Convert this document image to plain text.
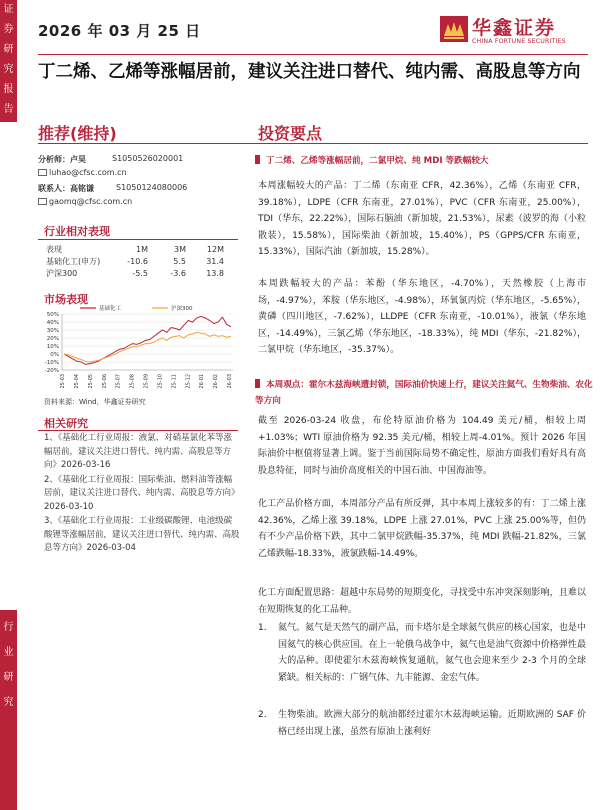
证
券
研
究
报
告
行
业
研
究
2026 年 03 月 25 日	华鑫证券
CHINA FORTUNE SECURITIES
丁二烯、乙烯等涨幅居前，建议关注进口替代、纯内需、高股息等方向
推荐(维持)	投资要点
分析师：卢昊	S1050526020001
luhao@cfsc.com.cn
联系人：高铭谦	S1050124080006
gaomq@cfsc.com.cn
行业相对表现
表现	1M	3M	12M
基础化工(申万)	-10.6	5.5	31.4
沪深300	-5.5	-3.6	13.8
市场表现
50%
40%
30%
20%
10%
0%
-10%
-20%
25-03 25-04 25-05 25-06 25-07 25-08 25-09 25-10 25-11 25-12 26-01 26-02 26-03
基础化工	沪深300
资料来源：Wind，华鑫证券研究
相关研究

1、《基础化工行业周报：液氯、对硝基氯化苯等涨幅居前，建议关注进口替代、纯内需、高股息等方向》2026-03-16

2、《基础化工行业周报：国际柴油、燃料油等涨幅居前，建议关注进口替代、纯内需、高股息等方向》2026-03-10

3、《基础化工行业周报：工业级碳酸锂、电池级碳酸锂等涨幅居前，建议关注进口替代、纯内需、高股息等方向》2026-03-04

丁二烯、乙烯等涨幅居前，二氯甲烷、纯 MDI 等跌幅较大
本周涨幅较大的产品：丁二烯（东南亚 CFR，42.36%），乙烯（东南亚 CFR，39.18%），LDPE（CFR 东南亚，27.01%），PVC（CFR 东南亚，25.00%），TDI（华东，22.22%），国际石脑油（新加坡，21.53%），尿素（波罗的海（小粒散装），15.58%），国际柴油（新加坡，15.40%），PS（GPPS/CFR 东南亚，15.33%），国际汽油（新加坡，15.28%）。
本周跌幅较大的产品：苯酚（华东地区，-4.70%），天然橡胶（上海市场，-4.97%），苯胺（华东地区，-4.98%），环氧氯丙烷（华东地区，-5.65%），黄磷（四川地区，-7.62%），LLDPE（CFR 东南亚，-10.01%），液氯（华东地区，-14.49%），三氯乙烯（华东地区，-18.33%），纯 MDI（华东，-21.82%），二氯甲烷（华东地区，-35.37%）。
本周观点：霍尔木兹海峡遭封锁，国际油价快速上行，建议关注氦气、生物柴油、农化等方向
截至 2026-03-24 收盘，布伦特原油价格为 104.49 美元/桶，相较上周+1.03%；WTI 原油价格为 92.35 美元/桶，相较上周-4.01%。预计 2026 年国际油价中枢值将显著上调。鉴于当前国际局势不确定性，原油方面我们看好具有高股息特征，同时与油价高度相关的中国石油、中国海油等。
化工产品价格方面，本周部分产品有所反弹，其中本周上涨较多的有：丁二烯上涨 42.36%，乙烯上涨 39.18%，LDPE 上涨 27.01%，PVC 上涨 25.00%等，但仍有不少产品价格下跌，其中二氯甲烷跌幅-35.37%，纯 MDI 跌幅-21.82%，三氯乙烯跌幅-18.33%，液氯跌幅-14.49%。
化工方面配置思路：超越中东局势的短期变化，寻找受中东冲突深刻影响，且难以在短期恢复的化工品种。
1. 氦气。氦气是天然气的副产品，而卡塔尔是全球氦气供应的核心国家，也是中国氦气的核心供应国。在上一轮俄乌战争中，氦气也是油气资源中价格弹性最大的品种。即使霍尔木兹海峡恢复通航，氦气也会迎来至少 2-3 个月的全球紧缺。相关标的：广钢气体、九丰能源、金宏气体。
2. 生物柴油。欧洲大部分的航油都经过霍尔木兹海峡运输。近期欧洲的 SAF 价格已经出现上涨，虽然有原油上涨利好
